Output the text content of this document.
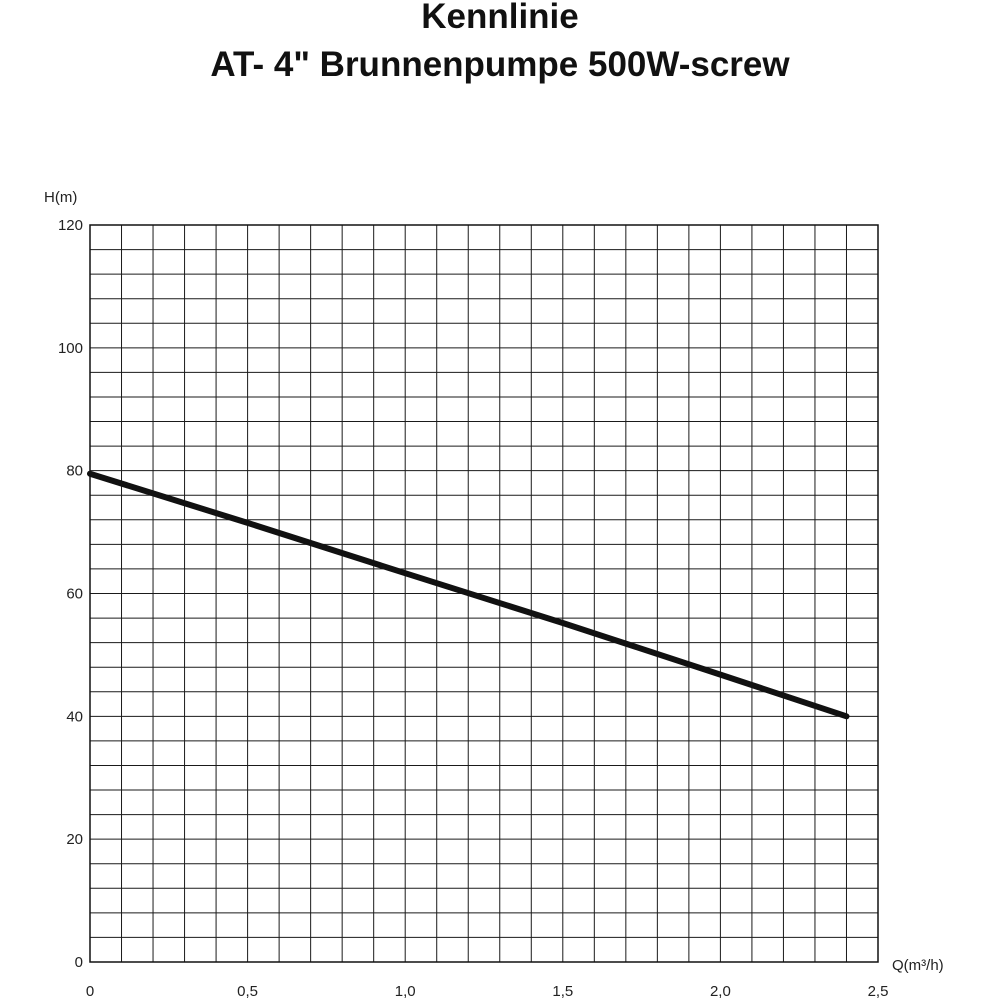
Kennlinie
AT- 4" Brunnenpumpe 500W-screw
0
20
40
60
80
100
120
0	0,5	1,0	1,5	2,0	2,5
H(m)
Q(m³/h)
